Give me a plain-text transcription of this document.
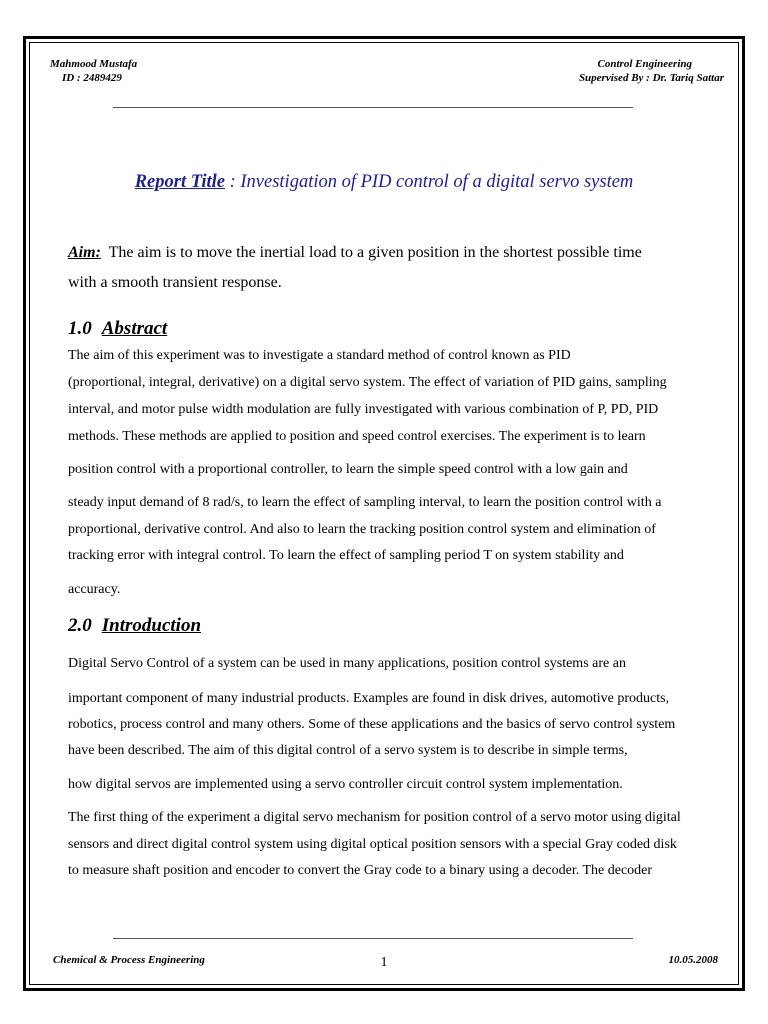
Mahmood Mustafa
ID : 2489429
Control Engineering
Supervised By : Dr. Tariq Sattar
Report Title : Investigation of PID control of a digital servo system
Aim:  The aim is to move the inertial load to a given position in the shortest possible time
with a smooth transient response.
1.0 Abstract
The aim of this experiment was to investigate a standard method of control known as PID
(proportional, integral, derivative) on a digital servo system. The effect of variation of PID gains, sampling
interval, and motor pulse width modulation are fully investigated with various combination of P, PD, PID
methods. These methods are applied to position and speed control exercises. The experiment is to learn
position control with a proportional controller, to learn the simple speed control with a low gain and
steady input demand of 8 rad/s, to learn the effect of sampling interval, to learn the position control with a
proportional, derivative control. And also to learn the tracking position control system and elimination of
tracking error with integral control. To learn the effect of sampling period T on system stability and
accuracy.
2.0 Introduction
Digital Servo Control of a system can be used in many applications, position control systems are an
important component of many industrial products. Examples are found in disk drives, automotive products,
robotics, process control and many others. Some of these applications and the basics of servo control system
have been described. The aim of this digital control of a servo system is to describe in simple terms,
how digital servos are implemented using a servo controller circuit control system implementation.
The first thing of the experiment a digital servo mechanism for position control of a servo motor using digital
sensors and direct digital control system using digital optical position sensors with a special Gray coded disk
to measure shaft position and encoder to convert the Gray code to a binary using a decoder. The decoder
Chemical & Process Engineering	1	10.05.2008
